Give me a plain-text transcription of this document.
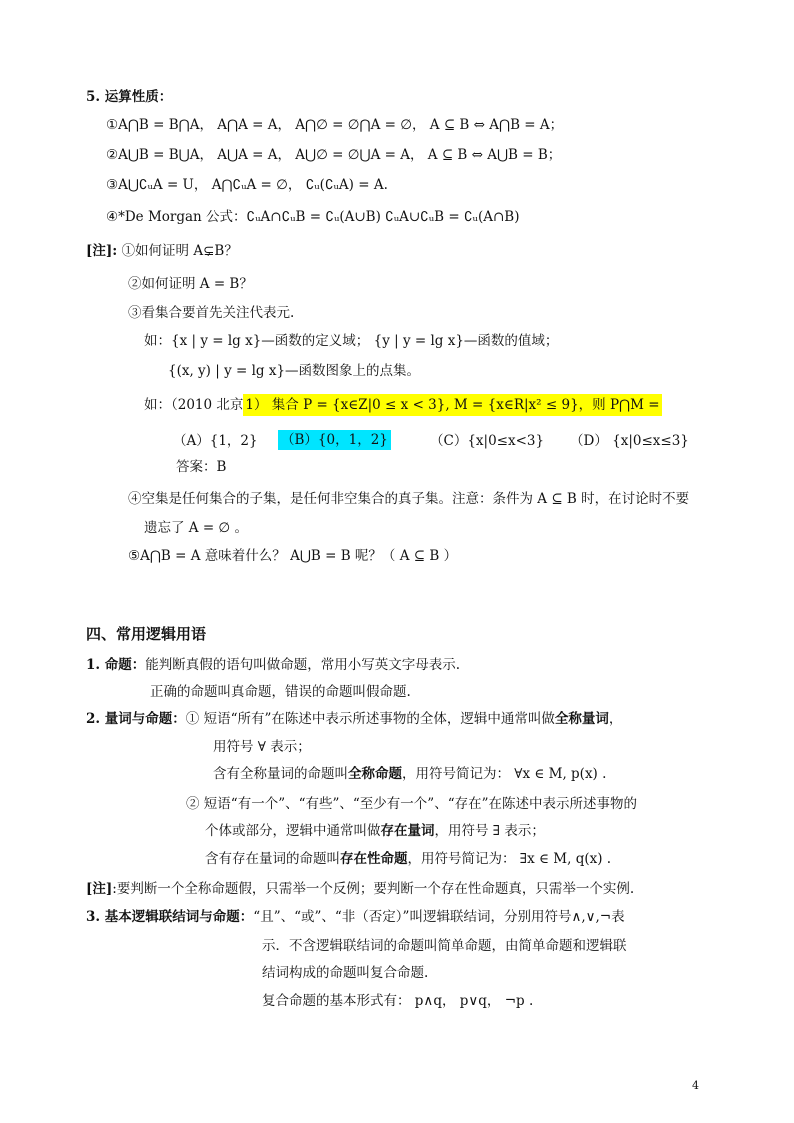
5. 运算性质：
①A⋂B = B⋂A， A⋂A = A， A⋂∅ = ∅⋂A = ∅， A ⊆ B ⇔ A⋂B = A；
②A⋃B = B⋃A， A⋃A = A， A⋃∅ = ∅⋃A = A， A ⊆ B ⇔ A⋃B = B；
③A⋃∁ᵤA = U， A⋂∁ᵤA = ∅， ∁ᵤ(∁ᵤA) = A.
④*De Morgan 公式：∁ᵤA∩∁ᵤB = ∁ᵤ(A∪B) ∁ᵤA∪∁ᵤB = ∁ᵤ(A∩B)
[注]: ①如何证明 A⊊B？
②如何证明 A = B？
③看集合要首先关注代表元.
如：{x | y = lg x}—函数的定义域； {y | y = lg x}—函数的值域；
{(x, y) | y = lg x}—函数图象上的点集。
如：（2010 北京 1） 集合 P = {x∈Z|0 ≤ x < 3}, M = {x∈R|x² ≤ 9}，则 P⋂M =
（A）{1，2} （B）{0，1，2}	（C）{x|0≤x<3} （D） {x|0≤x≤3}
答案：B
④空集是任何集合的子集，是任何非空集合的真子集。注意：条件为 A ⊆ B 时，在讨论时不要
遗忘了 A = ∅ 。
⑤A⋂B = A 意味着什么？ A⋃B = B 呢？（ A ⊆ B ）
四、常用逻辑用语
1. 命题：能判断真假的语句叫做命题，常用小写英文字母表示.
正确的命题叫真命题，错误的命题叫假命题.
2. 量词与命题：① 短语“所有”在陈述中表示所述事物的全体，逻辑中通常叫做全称量词，
用符号 ∀ 表示；
含有全称量词的命题叫全称命题，用符号简记为： ∀x ∈ M, p(x) .
② 短语“有一个”、“有些”、“至少有一个”、“存在”在陈述中表示所述事物的
个体或部分，逻辑中通常叫做存在量词，用符号 ∃ 表示；
含有存在量词的命题叫存在性命题，用符号简记为： ∃x ∈ M, q(x) .
[注]:要判断一个全称命题假，只需举一个反例；要判断一个存在性命题真，只需举一个实例.
3. 基本逻辑联结词与命题：“且”、“或”、“非（否定）”叫逻辑联结词，分别用符号∧,∨,¬表
示．不含逻辑联结词的命题叫简单命题，由简单命题和逻辑联
结词构成的命题叫复合命题.
复合命题的基本形式有： p∧q， p∨q， ¬p .
4
